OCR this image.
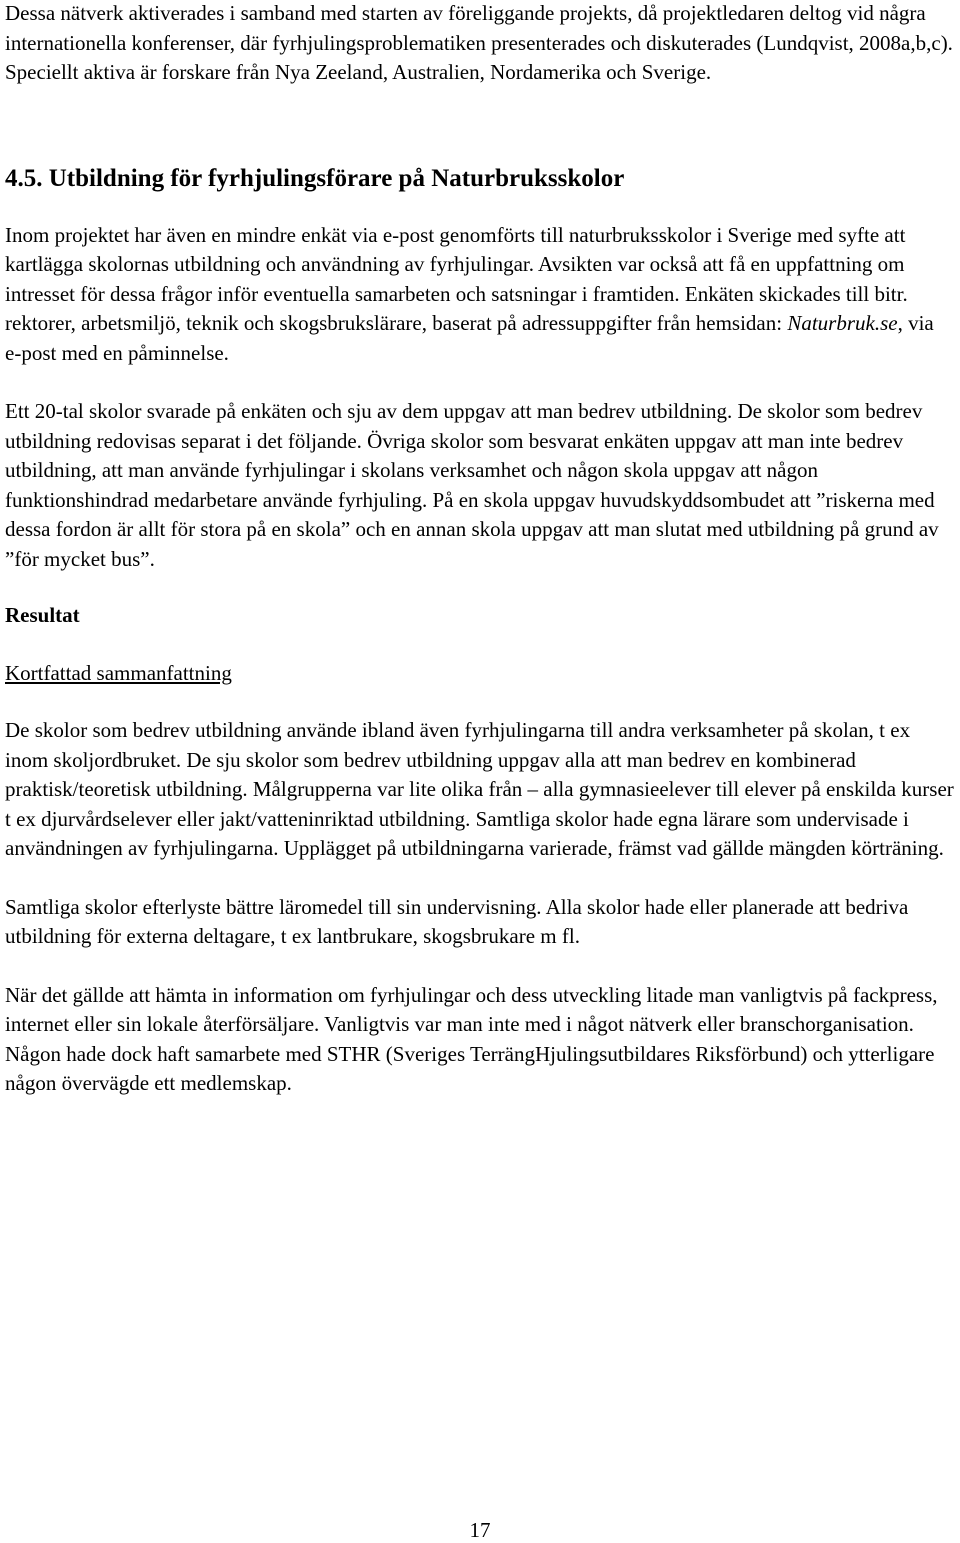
Dessa nätverk aktiverades i samband med starten av föreliggande projekts, då projektledaren deltog vid några internationella konferenser, där fyrhjulingsproblematiken presenterades och diskuterades (Lundqvist, 2008a,b,c). Speciellt aktiva är forskare från Nya Zeeland, Australien, Nordamerika och Sverige.

4.5. Utbildning för fyrhjulingsförare på Naturbruksskolor

Inom projektet har även en mindre enkät via e-post genomförts till naturbruksskolor i Sverige med syfte att kartlägga skolornas utbildning och användning av fyrhjulingar. Avsikten var också att få en uppfattning om intresset för dessa frågor inför eventuella samarbeten och satsningar i framtiden. Enkäten skickades till bitr. rektorer, arbetsmiljö, teknik och skogsbrukslärare, baserat på adressuppgifter från hemsidan: Naturbruk.se, via e-post med en påminnelse.

Ett 20-tal skolor svarade på enkäten och sju av dem uppgav att man bedrev utbildning. De skolor som bedrev utbildning redovisas separat i det följande. Övriga skolor som besvarat enkäten uppgav att man inte bedrev utbildning, att man använde fyrhjulingar i skolans verksamhet och någon skola uppgav att någon funktionshindrad medarbetare använde fyrhjuling. På en skola uppgav huvudskyddsombudet att ”riskerna med dessa fordon är allt för stora på en skola” och en annan skola uppgav att man slutat med utbildning på grund av ”för mycket bus”.

Resultat

Kortfattad sammanfattning

De skolor som bedrev utbildning använde ibland även fyrhjulingarna till andra verksamheter på skolan, t ex inom skoljordbruket. De sju skolor som bedrev utbildning uppgav alla att man bedrev en kombinerad praktisk/teoretisk utbildning. Målgrupperna var lite olika från – alla gymnasieelever till elever på enskilda kurser t ex djurvårdselever eller jakt/vatteninriktad utbildning. Samtliga skolor hade egna lärare som undervisade i användningen av fyrhjulingarna. Upplägget på utbildningarna varierade, främst vad gällde mängden körträning.

Samtliga skolor efterlyste bättre läromedel till sin undervisning. Alla skolor hade eller planerade att bedriva utbildning för externa deltagare, t ex lantbrukare, skogsbrukare m fl.

När det gällde att hämta in information om fyrhjulingar och dess utveckling litade man vanligtvis på fackpress, internet eller sin lokale återförsäljare. Vanligtvis var man inte med i något nätverk eller branschorganisation. Någon hade dock haft samarbete med STHR (Sveriges TerrängHjulingsutbildares Riksförbund) och ytterligare någon övervägde ett medlemskap.

17
